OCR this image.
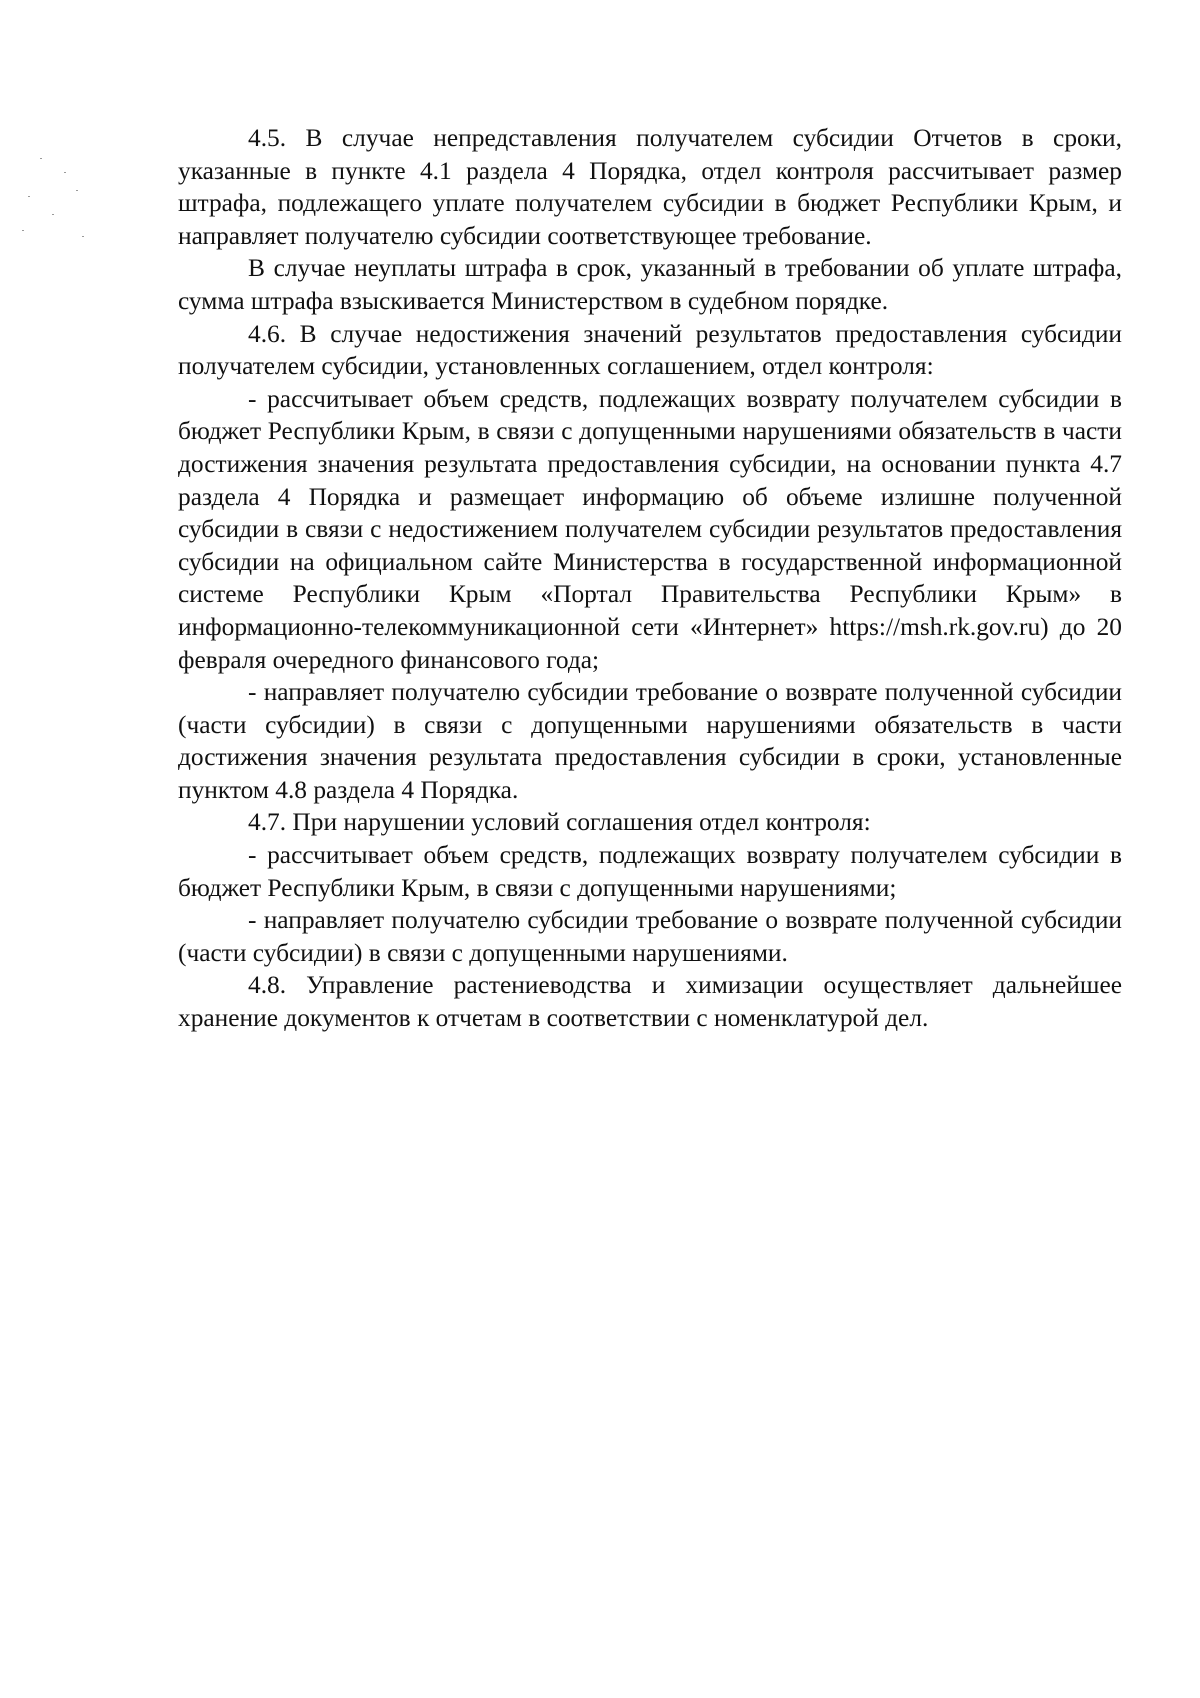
4.5. В случае непредставления получателем субсидии Отчетов в сроки, указанные в пункте 4.1 раздела 4 Порядка, отдел контроля рассчитывает размер штрафа, подлежащего уплате получателем субсидии в бюджет Республики Крым, и направляет получателю субсидии соответствующее требование.

В случае неуплаты штрафа в срок, указанный в требовании об уплате штрафа, сумма штрафа взыскивается Министерством в судебном порядке.

4.6. В случае недостижения значений результатов предоставления субсидии получателем субсидии, установленных соглашением, отдел контроля:

- рассчитывает объем средств, подлежащих возврату получателем субсидии в бюджет Республики Крым, в связи с допущенными нарушениями обязательств в части достижения значения результата предоставления субсидии, на основании пункта 4.7 раздела 4 Порядка и размещает информацию об объеме излишне полученной субсидии в связи с недостижением получателем субсидии результатов предоставления субсидии на официальном сайте Министерства в государственной информационной системе Республики Крым «Портал Правительства Республики Крым» в информационно-телекоммуникационной сети «Интернет» https://msh.rk.gov.ru) до 20 февраля очередного финансового года;

- направляет получателю субсидии требование о возврате полученной субсидии (части субсидии) в связи с допущенными нарушениями обязательств в части достижения значения результата предоставления субсидии в сроки, установленные пунктом 4.8 раздела 4 Порядка.

4.7. При нарушении условий соглашения отдел контроля:

- рассчитывает объем средств, подлежащих возврату получателем субсидии в бюджет Республики Крым, в связи с допущенными нарушениями;

- направляет получателю субсидии требование о возврате полученной субсидии (части субсидии) в связи с допущенными нарушениями.

4.8. Управление растениеводства и химизации осуществляет дальнейшее хранение документов к отчетам в соответствии с номенклатурой дел.
